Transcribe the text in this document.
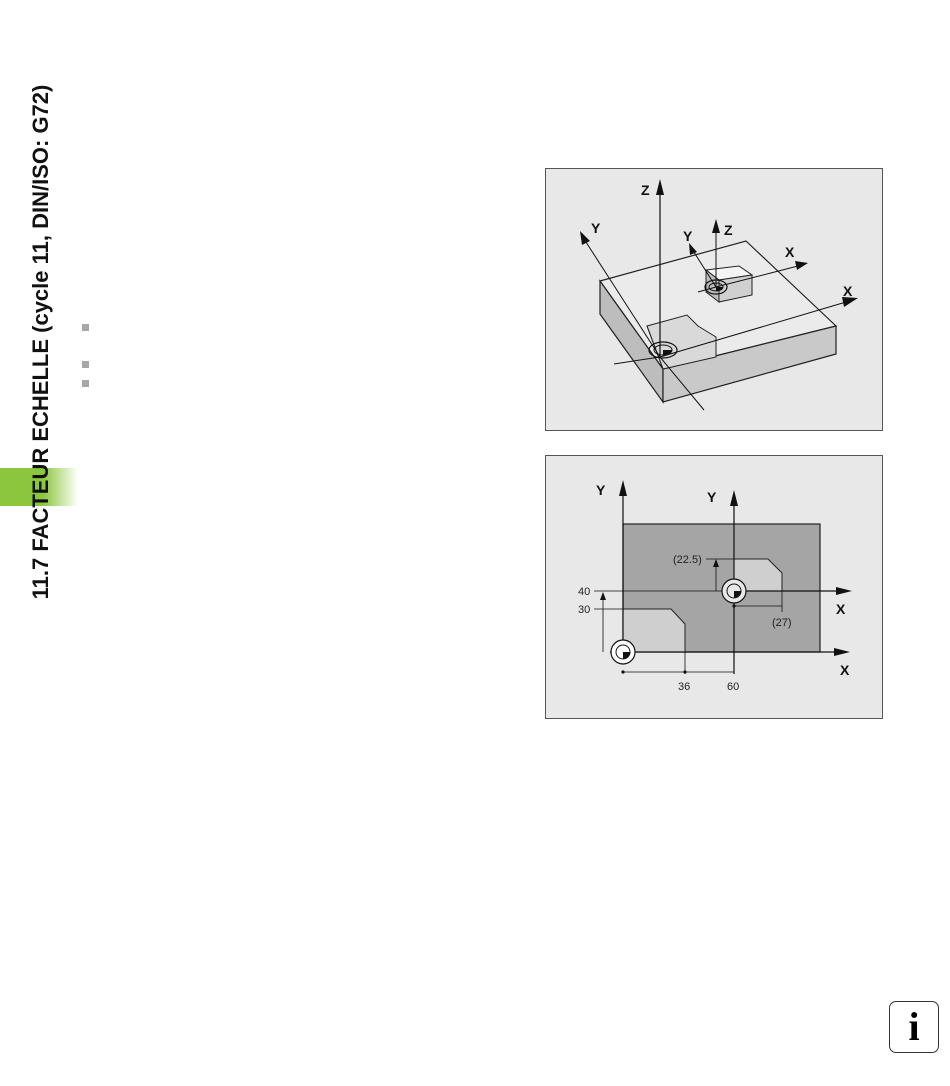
11.7 FACTEUR ECHELLE (cycle 11, DIN/ISO: G72)	Z
Y
X
Z
Y
X
Y	Y
X
X
40
30
36	60
(22.5)
(27)
i
